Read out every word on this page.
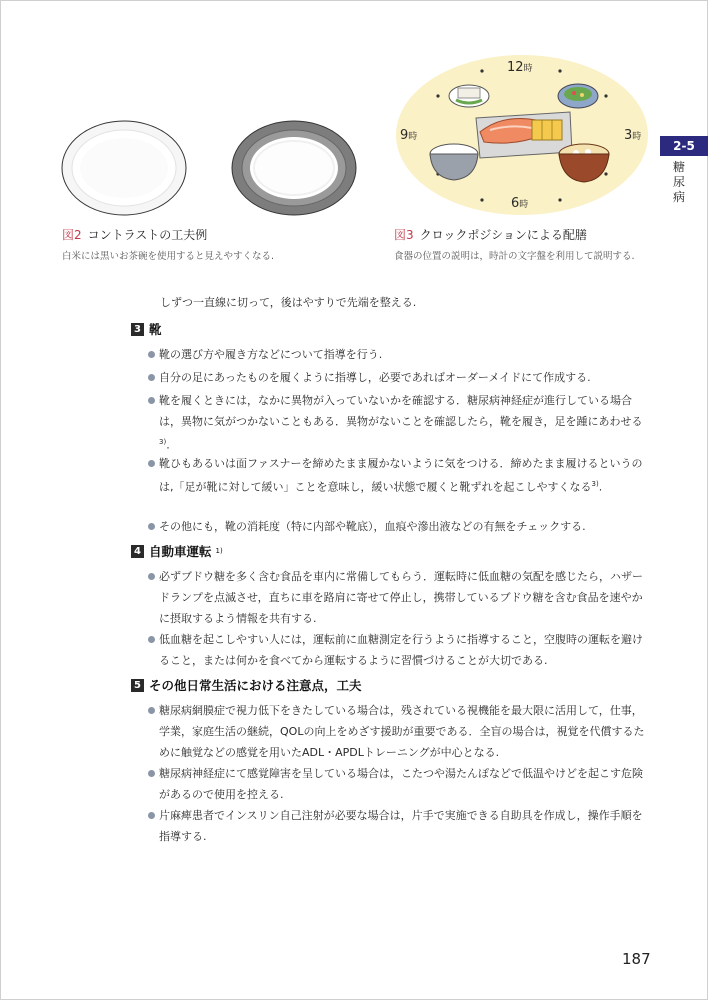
図2 コントラストの工夫例
白米には黒いお茶碗を使用すると見えやすくなる.
12時
3時
6時
9時
図3 クロックポジションによる配膳
食器の位置の説明は，時計の文字盤を利用して説明する.
2-5
糖尿病
しずつ一直線に切って，後はやすりで先端を整える.
3 靴
靴の選び方や履き方などについて指導を行う.
自分の足にあったものを履くように指導し，必要であればオーダーメイドにて作成する.
靴を履くときには，なかに異物が入っていないかを確認する．糖尿病神経症が進行している場合は，異物に気がつかないこともある．異物がないことを確認したら，靴を履き，足を踵にあわせる$^{3)}$.
靴ひもあるいは面ファスナーを締めたまま履かないように気をつける．締めたまま履けるというのは,「足が靴に対して緩い」ことを意味し，緩い状態で履くと靴ずれを起こしやすくなる$^{3)}$.
その他にも，靴の消耗度（特に内部や靴底），血痕や滲出液などの有無をチェックする.
4 自動車運転 1)
必ずブドウ糖を多く含む食品を車内に常備してもらう．運転時に低血糖の気配を感じたら，ハザードランプを点滅させ，直ちに車を路肩に寄せて停止し，携帯しているブドウ糖を含む食品を速やかに摂取するよう情報を共有する.
低血糖を起こしやすい人には，運転前に血糖測定を行うように指導すること，空腹時の運転を避けること，または何かを食べてから運転するように習慣づけることが大切である.
5 その他日常生活における注意点，工夫
糖尿病網膜症で視力低下をきたしている場合は，残されている視機能を最大限に活用して，仕事，学業，家庭生活の継続，QOLの向上をめざす援助が重要である．全盲の場合は，視覚を代償するために触覚などの感覚を用いたADL・APDLトレーニングが中心となる.
糖尿病神経症にて感覚障害を呈している場合は，こたつや湯たんぽなどで低温やけどを起こす危険があるので使用を控える.
片麻痺患者でインスリン自己注射が必要な場合は，片手で実施できる自助具を作成し，操作手順を指導する.
187
